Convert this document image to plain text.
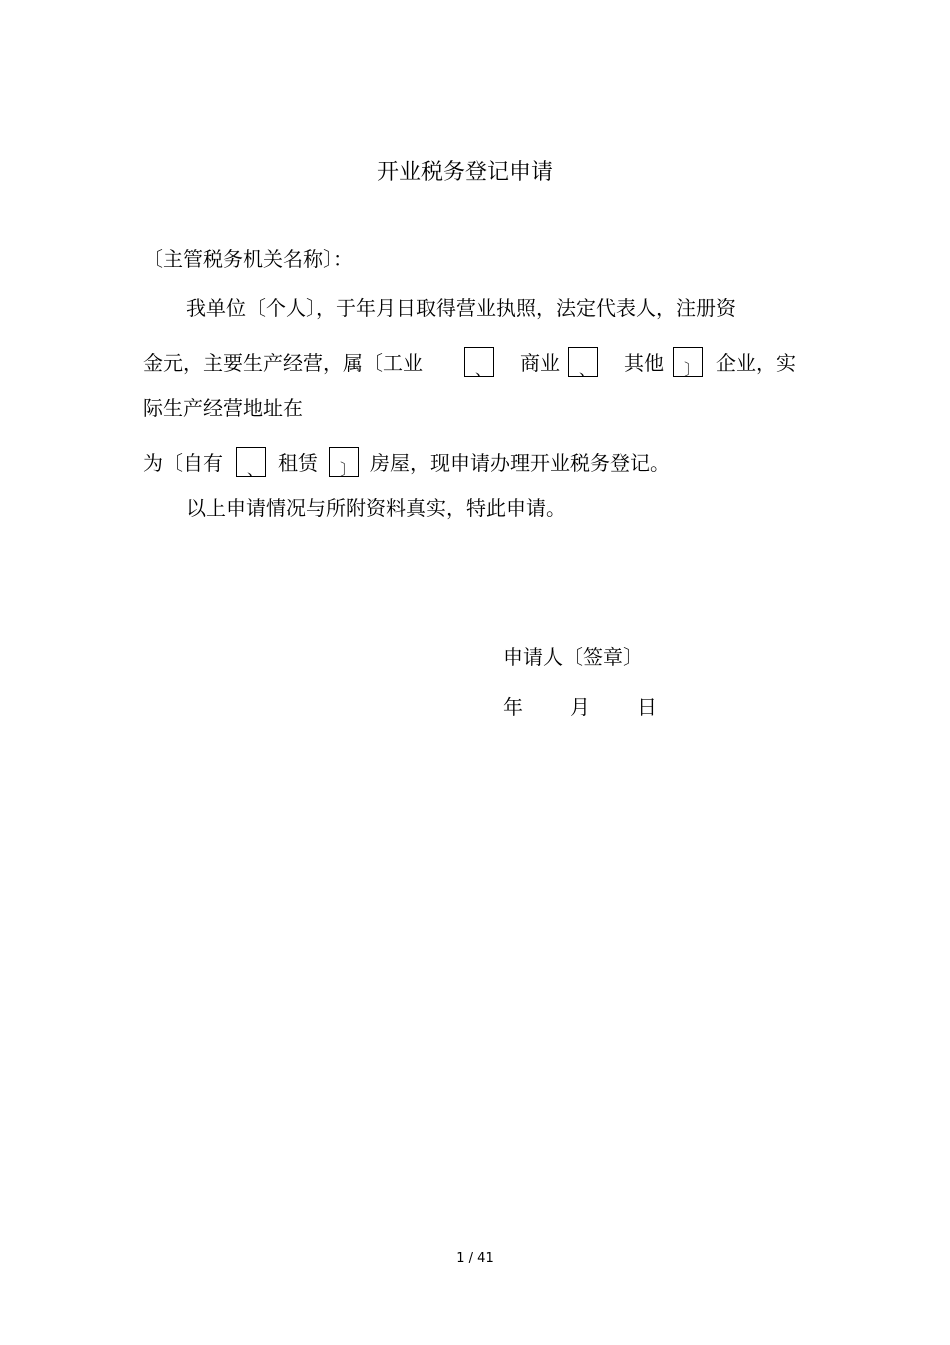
开业税务登记申请
〔主管税务机关名称〕：
我单位〔个人〕，于年月日取得营业执照，法定代表人，注册资
金元，主要生产经营，属〔工业	、 商业 、 其他 〕 企业，实
际生产经营地址在
为〔自有 、 租赁 〕 房屋，现申请办理开业税务登记。
以上申请情况与所附资料真实，特此申请。
申请人〔签章〕
年 月 日
1 / 41
